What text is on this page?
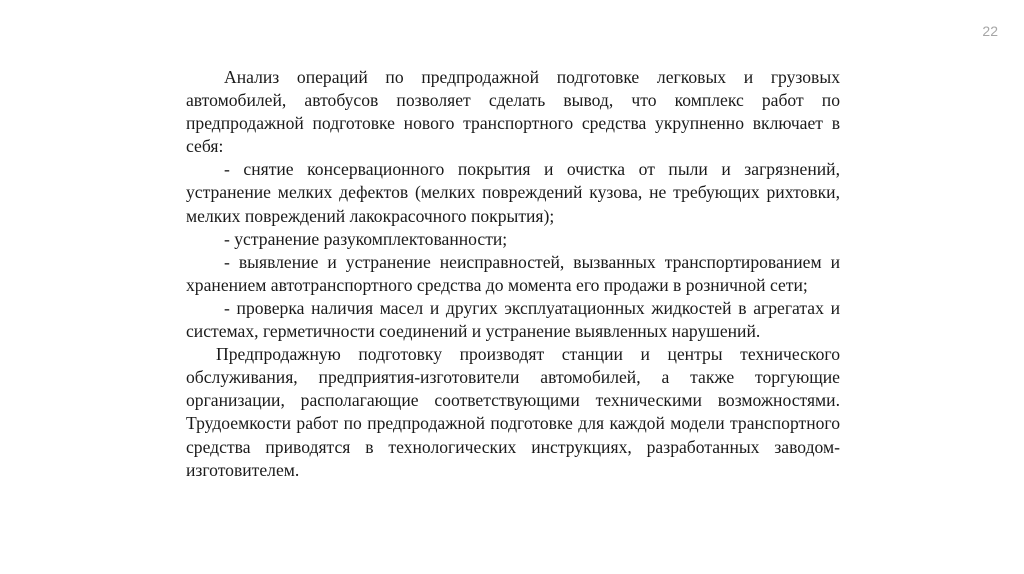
22

Анализ операций по предпродажной подготовке легковых и грузовых автомобилей, автобусов позволяет сделать вывод, что комплекс работ по предпродажной подготовке нового транспортного средства укрупненно включает в себя:

- снятие консервационного покрытия и очистка от пыли и загрязнений, устранение мелких дефектов (мелких повреждений кузова, не требующих рихтовки, мелких повреждений лакокрасочного покрытия);

- устранение разукомплектованности;

- выявление и устранение неисправностей, вызванных транспортированием и хранением автотранспортного средства до момента его продажи в розничной сети;

- проверка наличия масел и других эксплуатационных жидкостей в агрегатах и системах, герметичности соединений и устранение выявленных нарушений.

Предпродажную подготовку производят станции и центры технического обслуживания, предприятия-изготовители автомобилей, а также торгующие организации, располагающие соответствующими техническими возможностями. Трудоемкости работ по предпродажной подготовке для каждой модели транспортного средства приводятся в технологических инструкциях, разработанных заводом-изготовителем.
